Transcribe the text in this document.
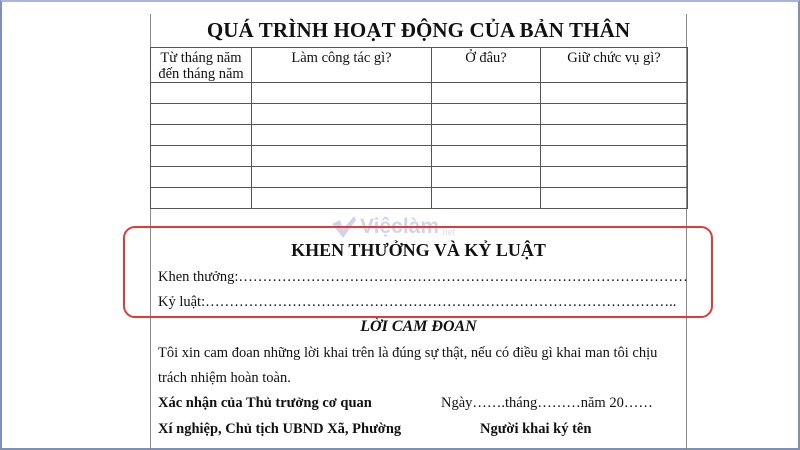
QUÁ TRÌNH HOẠT ĐỘNG CỦA BẢN THÂN
Từ tháng năm
đến tháng năm	Làm công tác gì?	Ở đâu?	Giữ chức vụ gì?

Việclàm .net
KHEN THƯỞNG VÀ KỶ LUẬT
Khen thưởng:…………………………………………………………………………………
Kỷ luật:……………………………………………………………………………………..
LỜI CAM ĐOAN
Tôi xin cam đoan những lời khai trên là đúng sự thật, nếu có điều gì khai man tôi chịu
trách nhiệm hoàn toàn.
Xác nhận của Thủ trưởng cơ quan	Ngày…….tháng………năm 20……
Xí nghiệp, Chủ tịch UBND Xã, Phường	Người khai ký tên
